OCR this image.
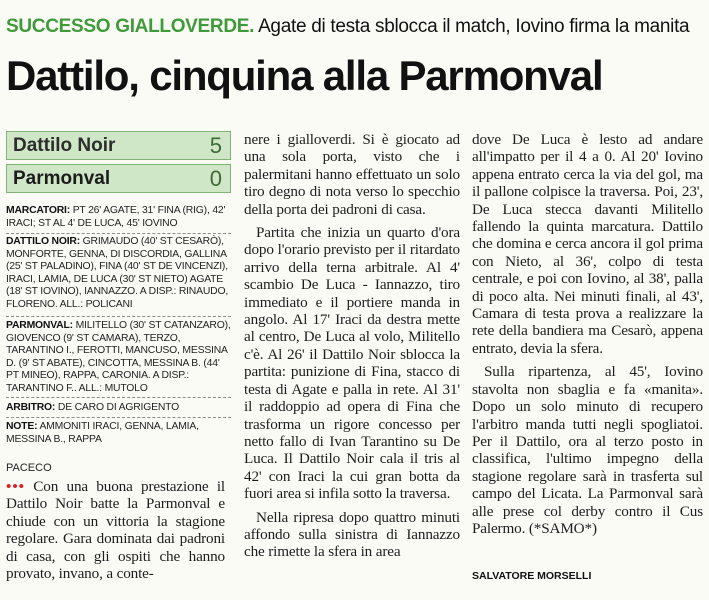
SUCCESSO GIALLOVERDE. Agate di testa sblocca il match, Iovino firma la manita
Dattilo, cinquina alla Parmonval
Dattilo Noir	5
Parmonval	0
MARCATORI: PT 26' AGATE, 31' FINA (RIG), 42' IRACI; ST AL 4' DE LUCA, 45' IOVINO
DATTILO NOIR: GRIMAUDO (40' ST CESARÒ), MONFORTE, GENNA, DI DISCORDIA, GALLINA (25' ST PALADINO), FINA (40' ST DE VINCENZI), IRACI, LAMIA, DE LUCA (30' ST NIETO) AGATE (18' ST IOVINO), IANNAZZO. A DISP.: RINAUDO, FLORENO. ALL.: POLICANI
PARMONVAL: MILITELLO (30' ST CATANZARO), GIOVENCO (9' ST CAMARA), TERZO, TARANTINO I., FEROTTI, MANCUSO, MESSINA D. (9' ST ABATE), CINCOTTA, MESSINA B. (44' PT MINEO), RAPPA, CARONIA. A DISP.: TARANTINO F.. ALL.: MUTOLO
ARBITRO: DE CARO DI AGRIGENTO
NOTE: AMMONITI IRACI, GENNA, LAMIA, MESSINA B., RAPPA
PACECO

••• Con una buona prestazione il Dattilo Noir batte la Parmonval e chiude con un vittoria la stagione regolare. Gara dominata dai padroni di casa, con gli ospiti che hanno provato, invano, a conte-

nere i gialloverdi. Si è giocato ad una sola porta, visto che i palermitani hanno effettuato un solo tiro degno di nota verso lo specchio della porta dei padroni di casa.

Partita che inizia un quarto d'ora dopo l'orario previsto per il ritardato arrivo della terna arbitrale. Al 4' scambio De Luca - Iannazzo, tiro immediato e il portiere manda in angolo. Al 17' Iraci da destra mette al centro, De Luca al volo, Militello c'è. Al 26' il Dattilo Noir sblocca la partita: punizione di Fina, stacco di testa di Agate e palla in rete. Al 31' il raddoppio ad opera di Fina che trasforma un rigore concesso per netto fallo di Ivan Tarantino su De Luca. Il Dattilo Noir cala il tris al 42' con Iraci la cui gran botta da fuori area si infila sotto la traversa.

Nella ripresa dopo quattro minuti affondo sulla sinistra di Iannazzo che rimette la sfera in area

dove De Luca è lesto ad andare all'impatto per il 4 a 0. Al 20' Iovino appena entrato cerca la via del gol, ma il pallone colpisce la traversa. Poi, 23', De Luca stecca davanti Militello fallendo la quinta marcatura. Dattilo che domina e cerca ancora il gol prima con Nieto, al 36', colpo di testa centrale, e poi con Iovino, al 38', palla di poco alta. Nei minuti finali, al 43', Camara di testa prova a realizzare la rete della bandiera ma Cesarò, appena entrato, devia la sfera.

Sulla ripartenza, al 45', Iovino stavolta non sbaglia e fa «manita». Dopo un solo minuto di recupero l'arbitro manda tutti negli spogliatoi. Per il Dattilo, ora al terzo posto in classifica, l'ultimo impegno della stagione regolare sarà in trasferta sul campo del Licata. La Parmonval sarà alle prese col derby contro il Cus Palermo. (*SAMO*)

SALVATORE MORSELLI
